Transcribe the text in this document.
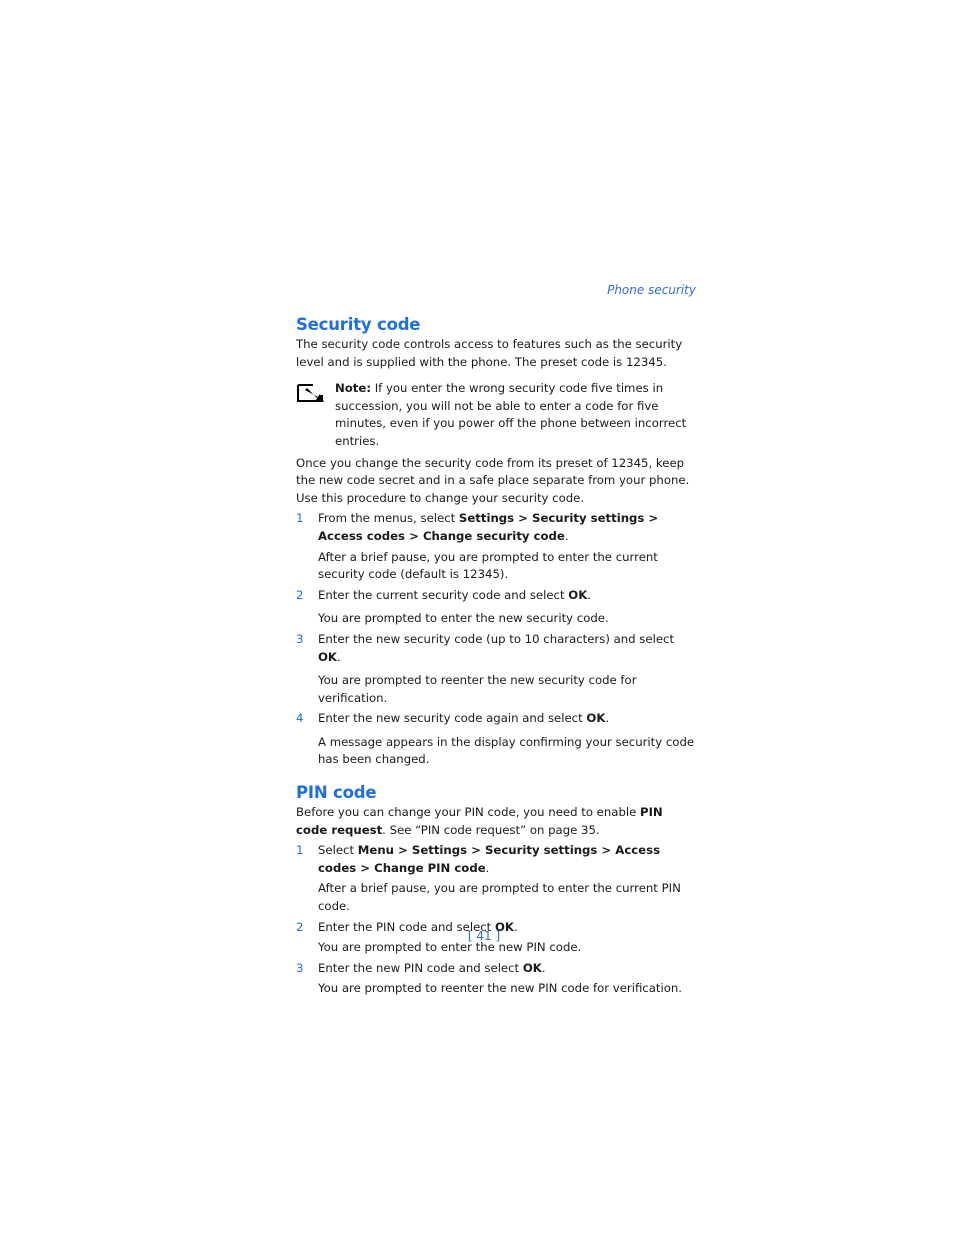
Phone security
Security code

The security code controls access to features such as the security level and is supplied with the phone. The preset code is 12345.

Note: If you enter the wrong security code five times in succession, you will not be able to enter a code for five minutes, even if you power off the phone between incorrect entries.

Once you change the security code from its preset of 12345, keep the new code secret and in a safe place separate from your phone. Use this procedure to change your security code.

1	From the menus, select Settings > Security settings > Access codes > Change security code.
After a brief pause, you are prompted to enter the current security code (default is 12345).
2	Enter the current security code and select OK.
You are prompted to enter the new security code.
3	Enter the new security code (up to 10 characters) and select OK.
You are prompted to reenter the new security code for verification.
4	Enter the new security code again and select OK.
A message appears in the display confirming your security code has been changed.
PIN code

Before you can change your PIN code, you need to enable PIN code request. See “PIN code request” on page 35.

1	Select Menu > Settings > Security settings > Access codes > Change PIN code.
After a brief pause, you are prompted to enter the current PIN code.
2	Enter the PIN code and select OK.
You are prompted to enter the new PIN code.
3	Enter the new PIN code and select OK.
You are prompted to reenter the new PIN code for verification.
[ 41 ]
